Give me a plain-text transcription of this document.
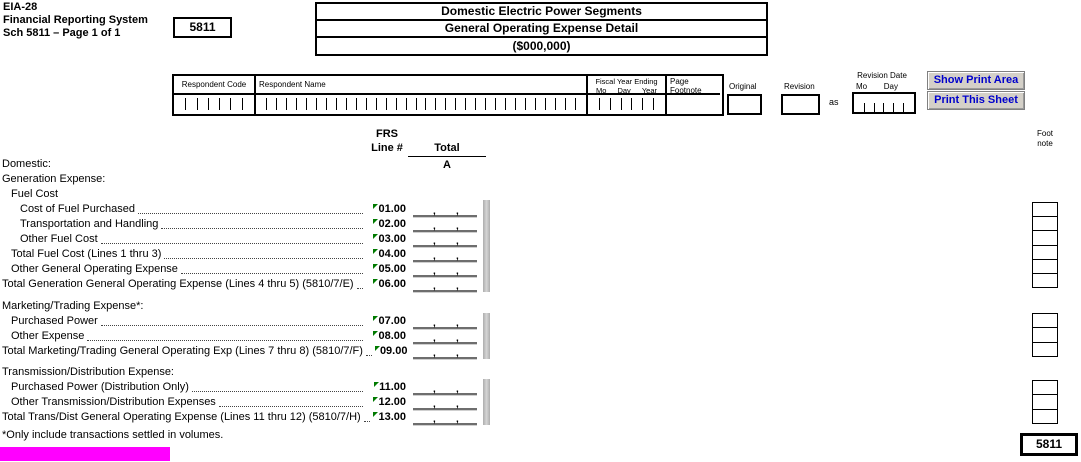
EIA-28
Financial Reporting System
Sch 5811 – Page 1 of 1	5811
Domestic Electric Power Segments
General Operating Expense Detail
($000,000)
Respondent Code	Respondent Name	Fiscal Year Ending
Mo Day Year
Page
Footnote	Original	Revision
as
Revision Date
Mo Day
Show Print Area
Print This Sheet
FRS
Line #	Total
A
Foot
note
Domestic:
Generation Expense:
Fuel Cost
Cost of Fuel Purchased	01.00	, ,
Transportation and Handling	02.00	, ,
Other Fuel Cost	03.00	, ,
Total Fuel Cost (Lines 1 thru 3)	04.00	, ,
Other General Operating Expense	05.00	, ,
Total Generation General Operating Expense (Lines 4 thru 5) (5810/7/E) 06.00	, ,
Marketing/Trading Expense*:
Purchased Power	07.00	, ,
Other Expense	08.00	, ,
Total Marketing/Trading General Operating Exp (Lines 7 thru 8) (5810/7/F) 09.00	, ,
Transmission/Distribution Expense:
Purchased Power (Distribution Only)	11.00	, ,
Other Transmission/Distribution Expenses	12.00	, ,
Total Trans/Dist General Operating Expense (Lines 11 thru 12) (5810/7/H) 13.00	, ,
*Only include transactions settled in volumes.
5811
